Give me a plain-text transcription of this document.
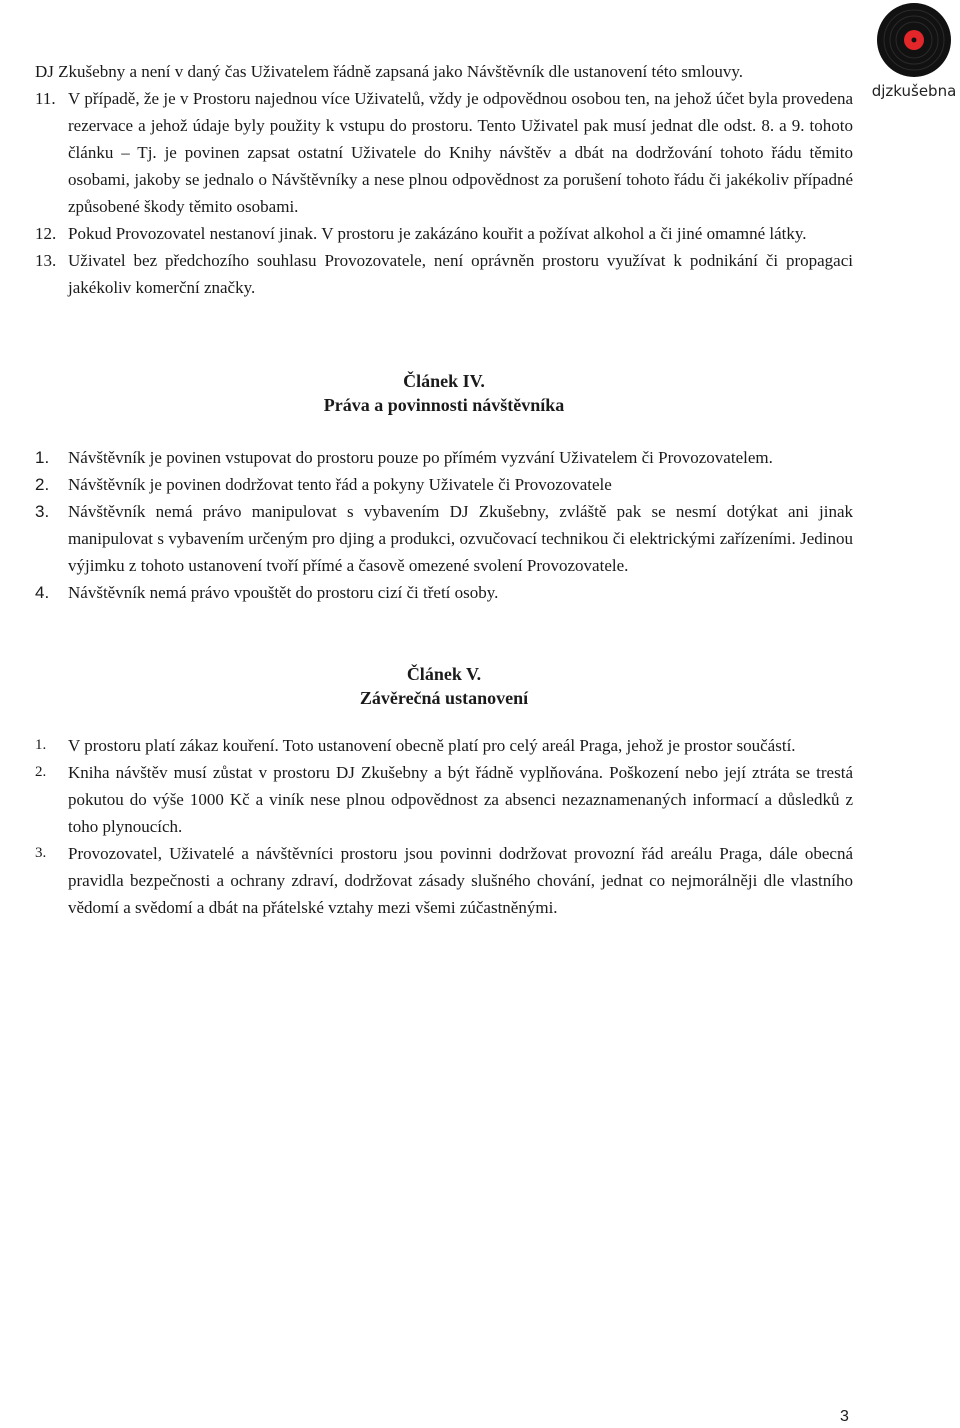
djzkušebna

DJ Zkušebny a není v daný čas Uživatelem řádně zapsaná jako Návštěvník dle ustanovení této smlouvy.

11. V případě, že je v Prostoru najednou více Uživatelů, vždy je odpovědnou osobou ten, na jehož účet byla provedena rezervace a jehož údaje byly použity k vstupu do prostoru. Tento Uživatel pak musí jednat dle odst. 8. a 9. tohoto článku – Tj. je povinen zapsat ostatní Uživatele do Knihy návštěv a dbát na dodržování tohoto řádu těmito osobami, jakoby se jednalo o Návštěvníky a nese plnou odpovědnost za porušení tohoto řádu či jakékoliv případné způsobené škody těmito osobami.
12. Pokud Provozovatel nestanoví jinak. V prostoru je zakázáno kouřit a požívat alkohol a či jiné omamné látky.
13. Uživatel bez předchozího souhlasu Provozovatele, není oprávněn prostoru využívat k podnikání či propagaci jakékoliv komerční značky.
Článek IV.
Práva a povinnosti návštěvníka
1.	Návštěvník je povinen vstupovat do prostoru pouze po přímém vyzvání Uživatelem či Provozovatelem.
2.	Návštěvník je povinen dodržovat tento řád a pokyny Uživatele či Provozovatele
3.	Návštěvník nemá právo manipulovat s vybavením DJ Zkušebny, zvláště pak se nesmí dotýkat ani jinak manipulovat s vybavením určeným pro djing a produkci, ozvučovací technikou či elektrickými zařízeními. Jedinou výjimku z tohoto ustanovení tvoří přímé a časově omezené svolení Provozovatele.
4.	Návštěvník nemá právo vpouštět do prostoru cizí či třetí osoby.
Článek V.
Závěrečná ustanovení
1.	V prostoru platí zákaz kouření. Toto ustanovení obecně platí pro celý areál Praga, jehož je prostor součástí.
2.	Kniha návštěv musí zůstat v prostoru DJ Zkušebny a být řádně vyplňována. Poškození nebo její ztráta se trestá pokutou do výše 1000 Kč a viník nese plnou odpovědnost za absenci nezaznamenaných informací a důsledků z toho plynoucích.
3.	Provozovatel, Uživatelé a návštěvníci prostoru jsou povinni dodržovat provozní řád areálu Praga, dále obecná pravidla bezpečnosti a ochrany zdraví, dodržovat zásady slušného chování, jednat co nejmorálněji dle vlastního vědomí a svědomí a dbát na přátelské vztahy mezi všemi zúčastněnými.
3
